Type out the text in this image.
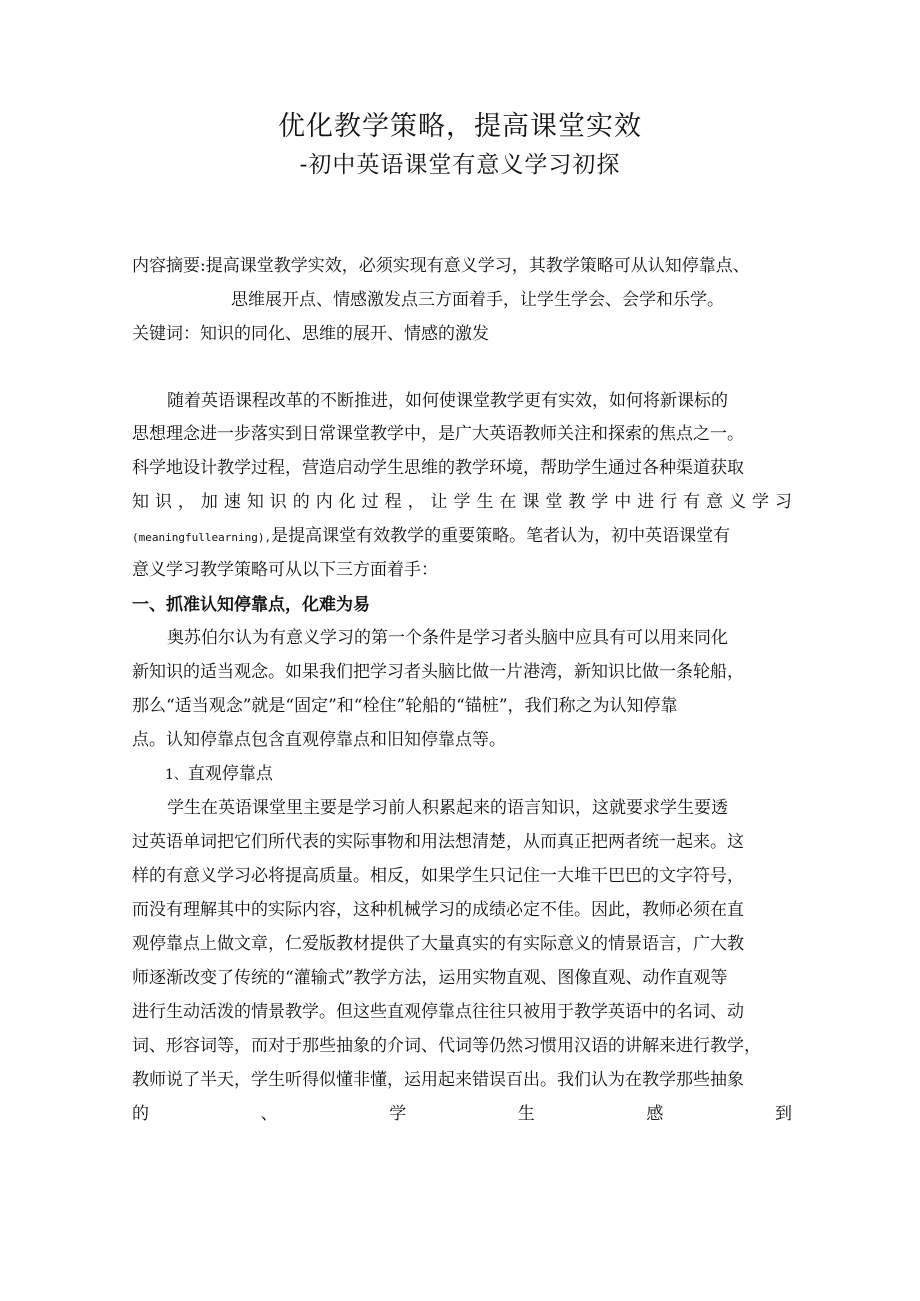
优化教学策略，提高课堂实效

-初中英语课堂有意义学习初探

内容摘要:提高课堂教学实效，必须实现有意义学习，其教学策略可从认知停靠点、

思维展开点、情感激发点三方面着手，让学生学会、会学和乐学。

关键词：知识的同化、思维的展开、情感的激发

随着英语课程改革的不断推进，如何使课堂教学更有实效，如何将新课标的

思想理念进一步落实到日常课堂教学中，是广大英语教师关注和探索的焦点之一。

科学地设计教学过程，营造启动学生思维的教学环境，帮助学生通过各种渠道获取

知​识​，​加​速​知​识​的​内​化​过​程​，​让​学​生​在​课​堂​教​学​中​进​行​有​意​义​学​习

(meaningfullearning),是提高课堂有效教学的重要策略。笔者认为，初中英语课堂有

意义学习教学策略可从以下三方面着手：

一、抓准认知停靠点，化难为易

奥苏伯尔认为有意义学习的第一个条件是学习者头脑中应具有可以用来同化

新知识的适当观念。如果我们把学习者头脑比做一片港湾，新知识比做一条轮船，

那么“适当观念”就是“固定”和“栓住”轮船的“锚桩”，我们称之为认知停靠

点。认知停靠点包含直观停靠点和旧知停靠点等。

1、直观停靠点

学生在英语课堂里主要是学习前人积累起来的语言知识，这就要求学生要透

过英语单词把它们所代表的实际事物和用法想清楚，从而真正把两者统一起来。这

样的有意义学习必将提高质量。相反，如果学生只记住一大堆干巴巴的文字符号，

而没有理解其中的实际内容，这种机械学习的成绩必定不佳。因此，教师必须在直

观停靠点上做文章，仁爱版教材提供了大量真实的有实际意义的情景语言，广大教

师逐渐改变了传统的“灌输式”教学方法，运用实物直观、图像直观、动作直观等

进行生动活泼的情景教学。但这些直观停靠点往往只被用于教学英语中的名词、动

词、形容词等，而对于那些抽象的介词、代词等仍然习惯用汉语的讲解来进行教学，

教师说了半天，学生听得似懂非懂，运用起来错误百出。我们认为在教学那些抽象

的​、​学​生​感​到
